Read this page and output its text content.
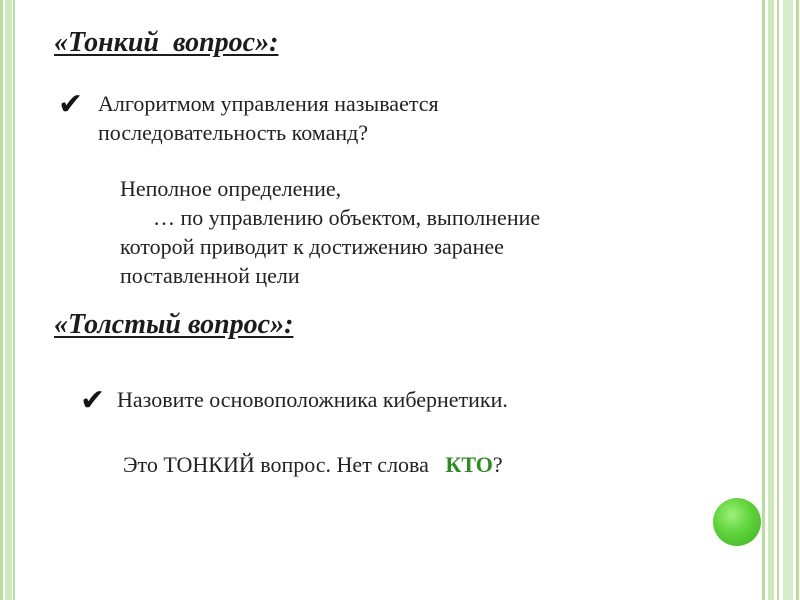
«Тонкий  вопрос»:
✔ Алгоритмом управления называется
последовательность команд?
Неполное определение,
… по управлению объектом, выполнение
которой приводит к достижению заранее
поставленной цели
«Толстый вопрос»:
✔ Назовите основоположника кибернетики.
Это ТОНКИЙ вопрос. Нет слова   КТО?
